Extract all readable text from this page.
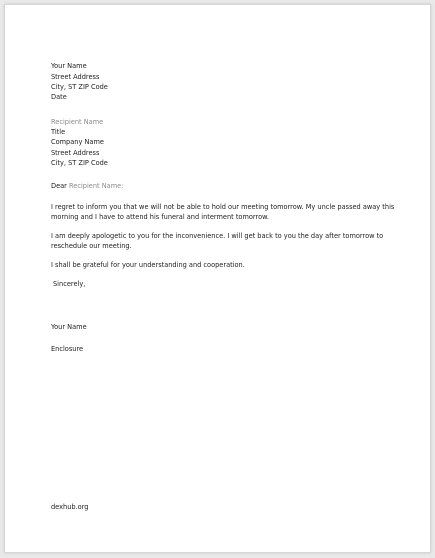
Your Name
Street Address
City, ST ZIP Code
Date
Recipient Name
Title
Company Name
Street Address
City, ST ZIP Code
Dear Recipient Name:
I regret to inform you that we will not be able to hold our meeting tomorrow. My uncle passed away this morning and I have to attend his funeral and interment tomorrow.
I am deeply apologetic to you for the inconvenience. I will get back to you the day after tomorrow to reschedule our meeting.
I shall be grateful for your understanding and cooperation.
Sincerely,
Your Name
Enclosure
dexhub.org
